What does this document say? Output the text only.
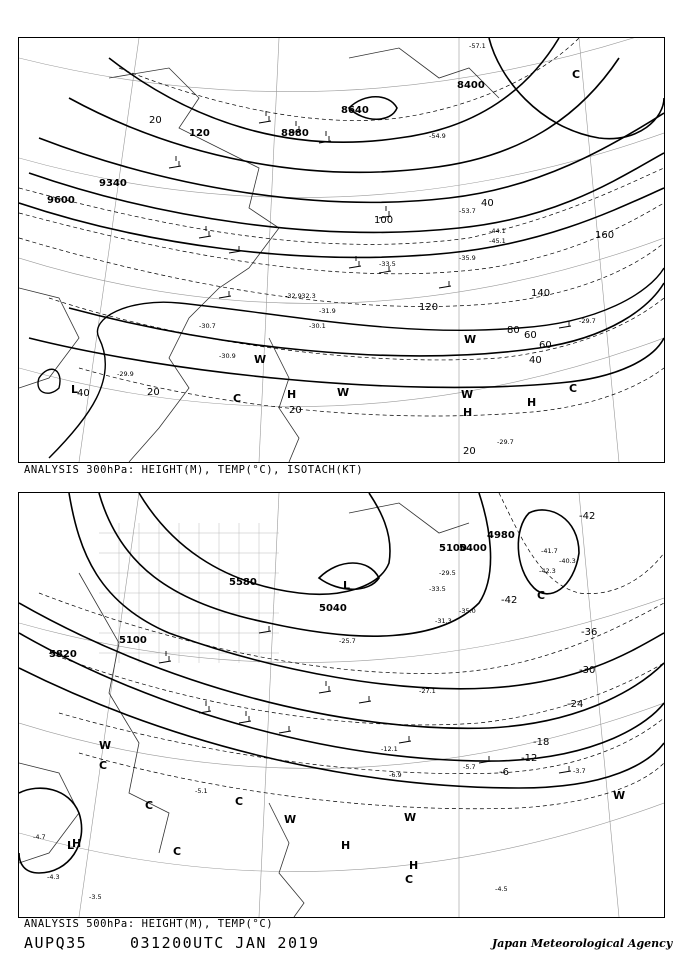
9600
9340
8640
8400
8880
120
20
40
60
80
120
140
160
100
40
20
20
40
60
20
L	H
H
H
W
W	W
W
C
C
C
-30.1
-31.9
-32.3
-33.5
-29.9
-29.7
-29.7
-57.1
-54.9
-53.7
-45.1
-35.9
-30.7
-30.9
-32.9
-44.1
ANALYSIS 300hPa: HEIGHT(M), TEMP(°C), ISOTACH(KT)
5820
5580
5400
5100
4980
5040
5100
-42
-36
-30
-24
-18
-12
-6
-42
L	H
H
H
W
W
W
W
C
C	C
C
C
C
L
-5.7
-6.9
-12.1
-3.7
-4.5
-4.7
-4.3
-3.5
-5.1
-27.1
-31.3
-33.5
-29.5
-41.7
-40.3
-42.3
-35.0
-25.7
ANALYSIS 500hPa: HEIGHT(M), TEMP(°C)
AUPQ35	031200UTC JAN 2019	Japan Meteorological Agency
